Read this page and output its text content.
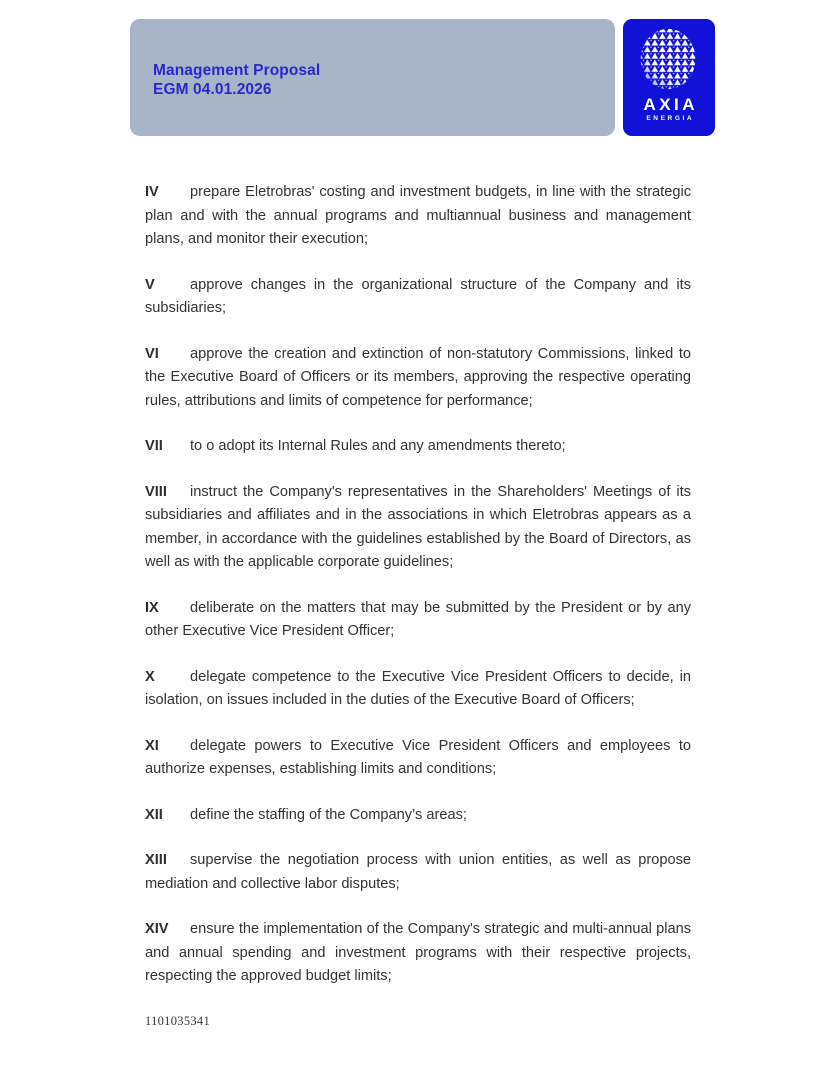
Management Proposal
EGM 04.01.2026
AXIA
ENERGIA

IV prepare Eletrobras' costing and investment budgets, in line with the strategic plan and with the annual programs and multiannual business and management plans, and monitor their execution;

V approve changes in the organizational structure of the Company and its subsidiaries;

VI approve the creation and extinction of non-statutory Commissions, linked to the Executive Board of Officers or its members, approving the respective operating rules, attributions and limits of competence for performance;

VII to o adopt its Internal Rules and any amendments thereto;

VIII instruct the Company's representatives in the Shareholders' Meetings of its subsidiaries and affiliates and in the associations in which Eletrobras appears as a member, in accordance with the guidelines established by the Board of Directors, as well as with the applicable corporate guidelines;

IX deliberate on the matters that may be submitted by the President or by any other Executive Vice President Officer;

X delegate competence to the Executive Vice President Officers to decide, in isolation, on issues included in the duties of the Executive Board of Officers;

XI delegate powers to Executive Vice President Officers and employees to authorize expenses, establishing limits and conditions;

XII define the staffing of the Company’s areas;

XIII supervise the negotiation process with union entities, as well as propose mediation and collective labor disputes;

XIV ensure the implementation of the Company's strategic and multi-annual plans and annual spending and investment programs with their respective projects, respecting the approved budget limits;

1101035341
